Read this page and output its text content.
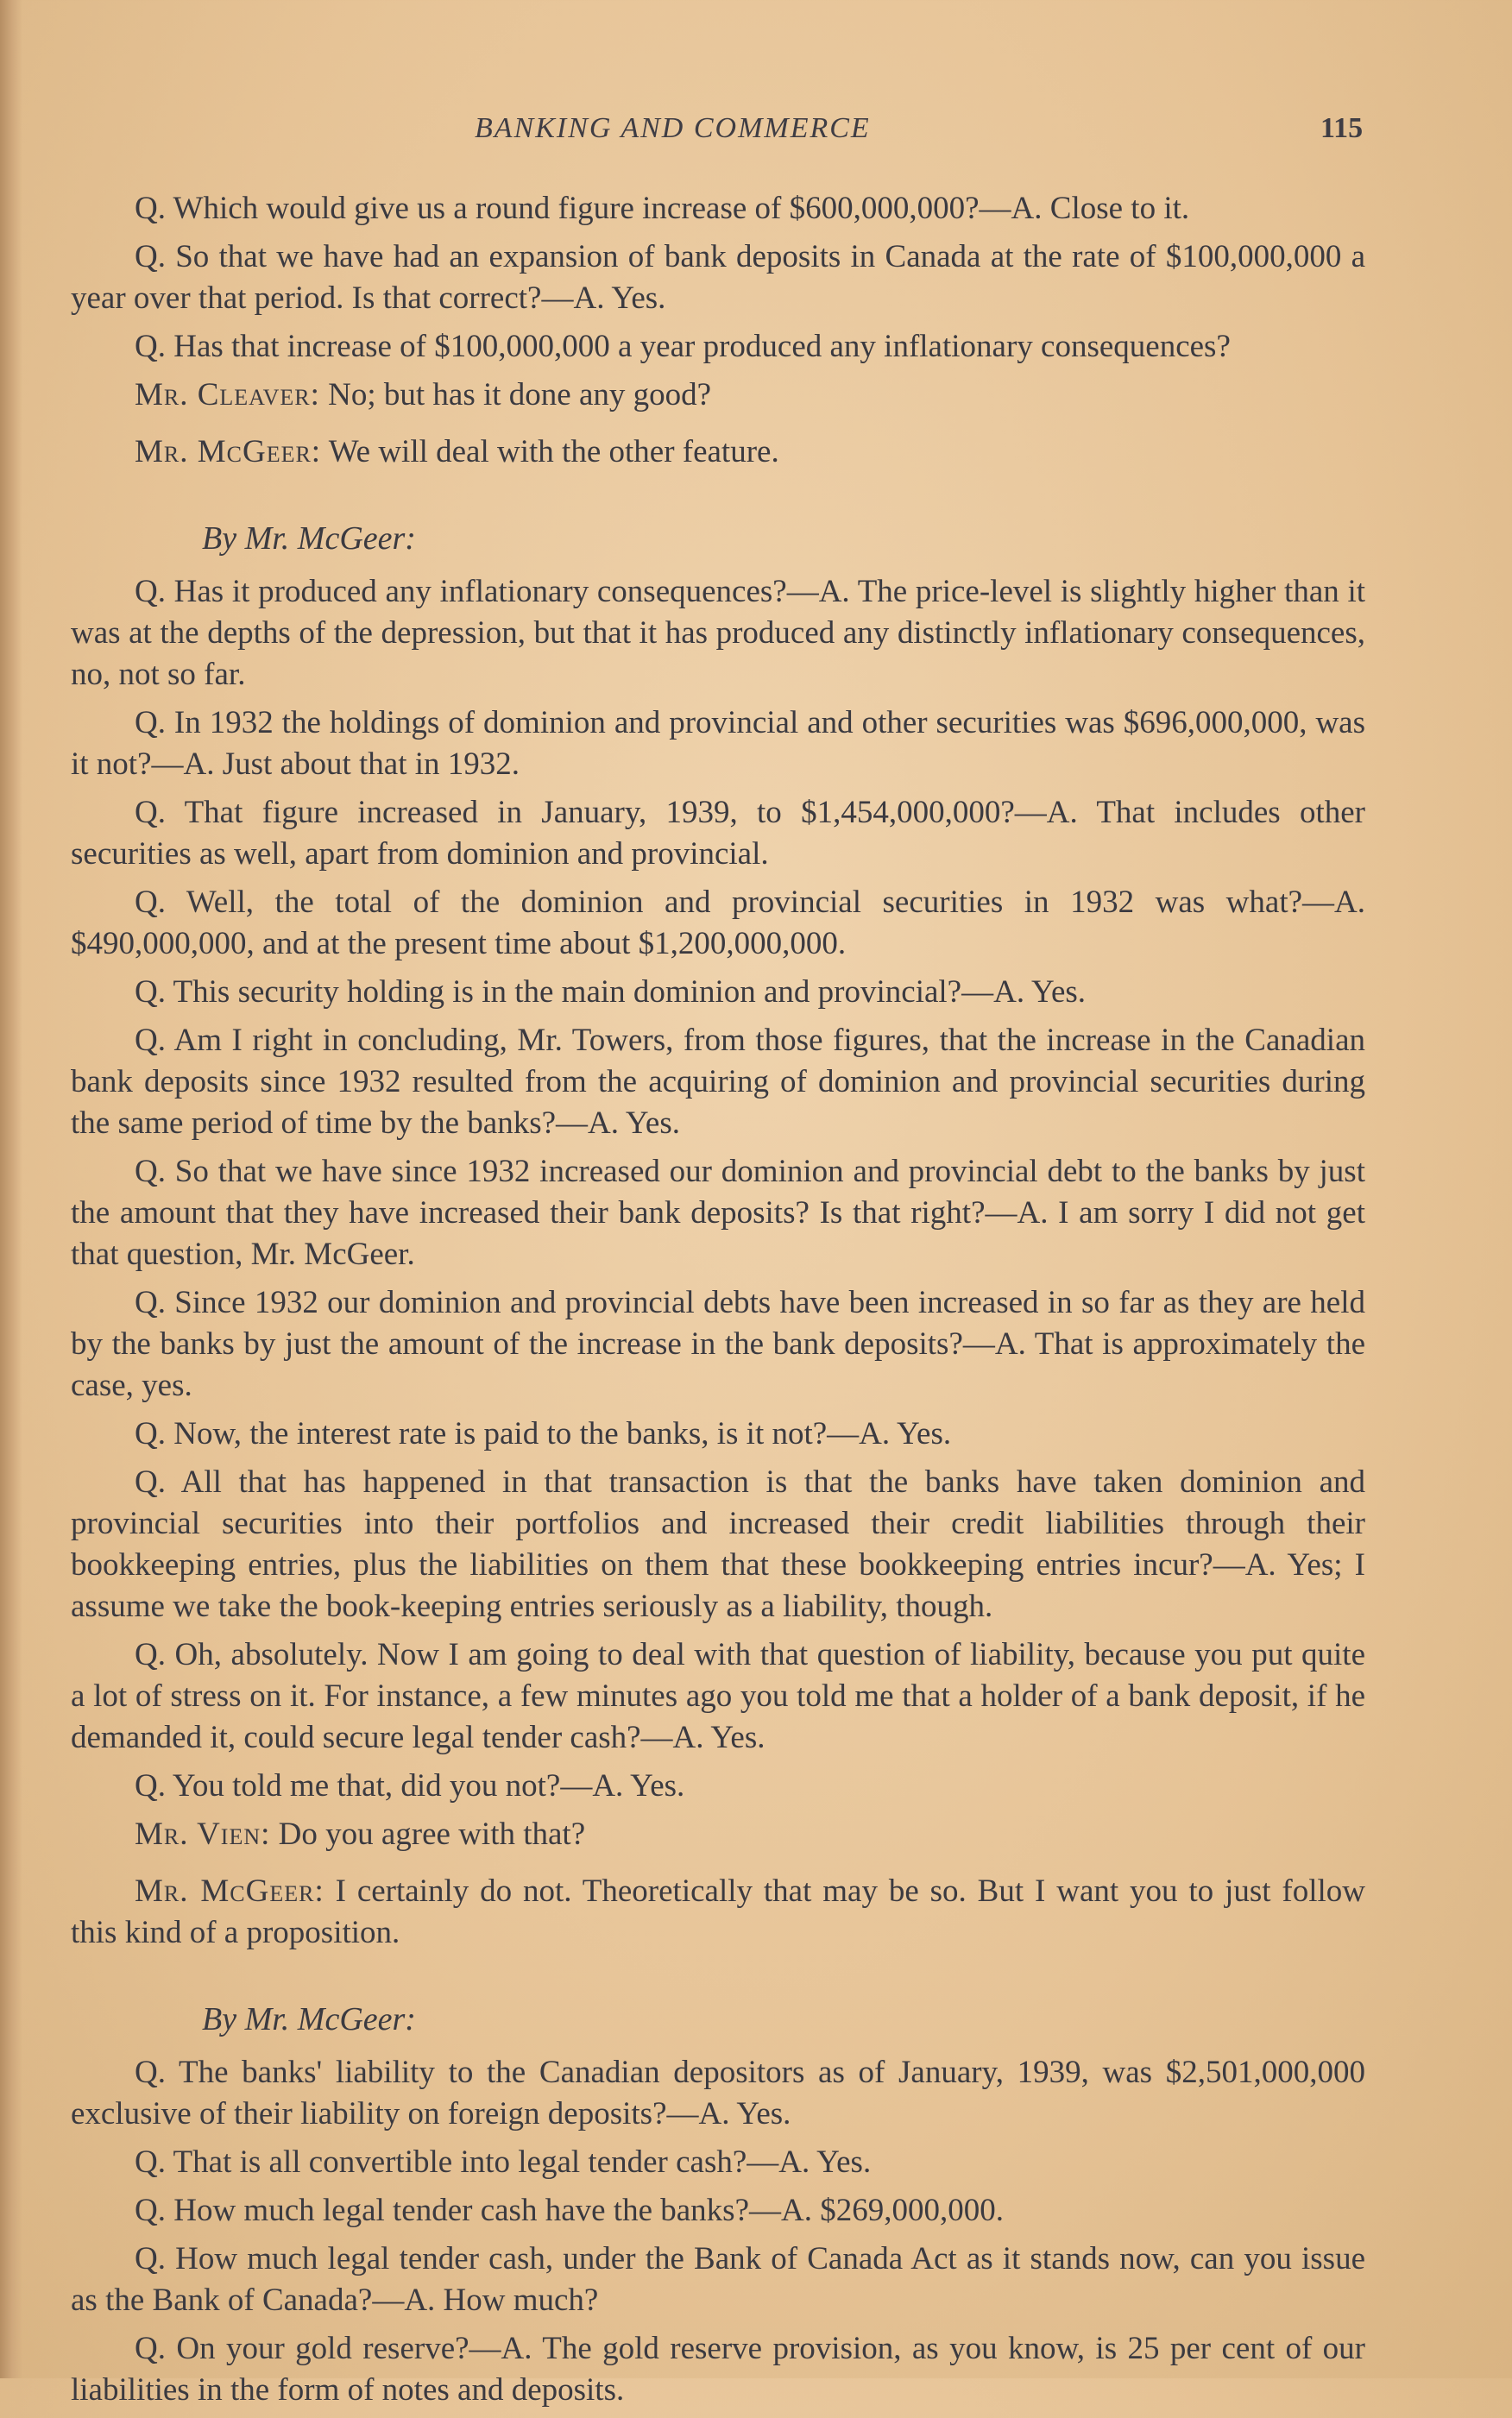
BANKING AND COMMERCE	115

Q. Which would give us a round figure increase of $600,000,000?—A. Close to it.

Q. So that we have had an expansion of bank deposits in Canada at the rate of $100,000,000 a year over that period. Is that correct?—A. Yes.

Q. Has that increase of $100,000,000 a year produced any inflationary consequences?

Mr. Cleaver: No; but has it done any good?

Mr. McGeer: We will deal with the other feature.

By Mr. McGeer:

Q. Has it produced any inflationary consequences?—A. The price-level is slightly higher than it was at the depths of the depression, but that it has produced any distinctly inflationary consequences, no, not so far.

Q. In 1932 the holdings of dominion and provincial and other securities was $696,000,000, was it not?—A. Just about that in 1932.

Q. That figure increased in January, 1939, to $1,454,000,000?—A. That includes other securities as well, apart from dominion and provincial.

Q. Well, the total of the dominion and provincial securities in 1932 was what?—A. $490,000,000, and at the present time about $1,200,000,000.

Q. This security holding is in the main dominion and provincial?—A. Yes.

Q. Am I right in concluding, Mr. Towers, from those figures, that the increase in the Canadian bank deposits since 1932 resulted from the acquiring of dominion and provincial securities during the same period of time by the banks?—A. Yes.

Q. So that we have since 1932 increased our dominion and provincial debt to the banks by just the amount that they have increased their bank deposits? Is that right?—A. I am sorry I did not get that question, Mr. McGeer.

Q. Since 1932 our dominion and provincial debts have been increased in so far as they are held by the banks by just the amount of the increase in the bank deposits?—A. That is approximately the case, yes.

Q. Now, the interest rate is paid to the banks, is it not?—A. Yes.

Q. All that has happened in that transaction is that the banks have taken dominion and provincial securities into their portfolios and increased their credit liabilities through their bookkeeping entries, plus the liabilities on them that these bookkeeping entries incur?—A. Yes; I assume we take the book-keeping entries seriously as a liability, though.

Q. Oh, absolutely. Now I am going to deal with that question of liability, because you put quite a lot of stress on it. For instance, a few minutes ago you told me that a holder of a bank deposit, if he demanded it, could secure legal tender cash?—A. Yes.

Q. You told me that, did you not?—A. Yes.

Mr. Vien: Do you agree with that?

Mr. McGeer: I certainly do not. Theoretically that may be so. But I want you to just follow this kind of a proposition.

By Mr. McGeer:

Q. The banks' liability to the Canadian depositors as of January, 1939, was $2,501,000,000 exclusive of their liability on foreign deposits?—A. Yes.

Q. That is all convertible into legal tender cash?—A. Yes.

Q. How much legal tender cash have the banks?—A. $269,000,000.

Q. How much legal tender cash, under the Bank of Canada Act as it stands now, can you issue as the Bank of Canada?—A. How much?

Q. On your gold reserve?—A. The gold reserve provision, as you know, is 25 per cent of our liabilities in the form of notes and deposits.
